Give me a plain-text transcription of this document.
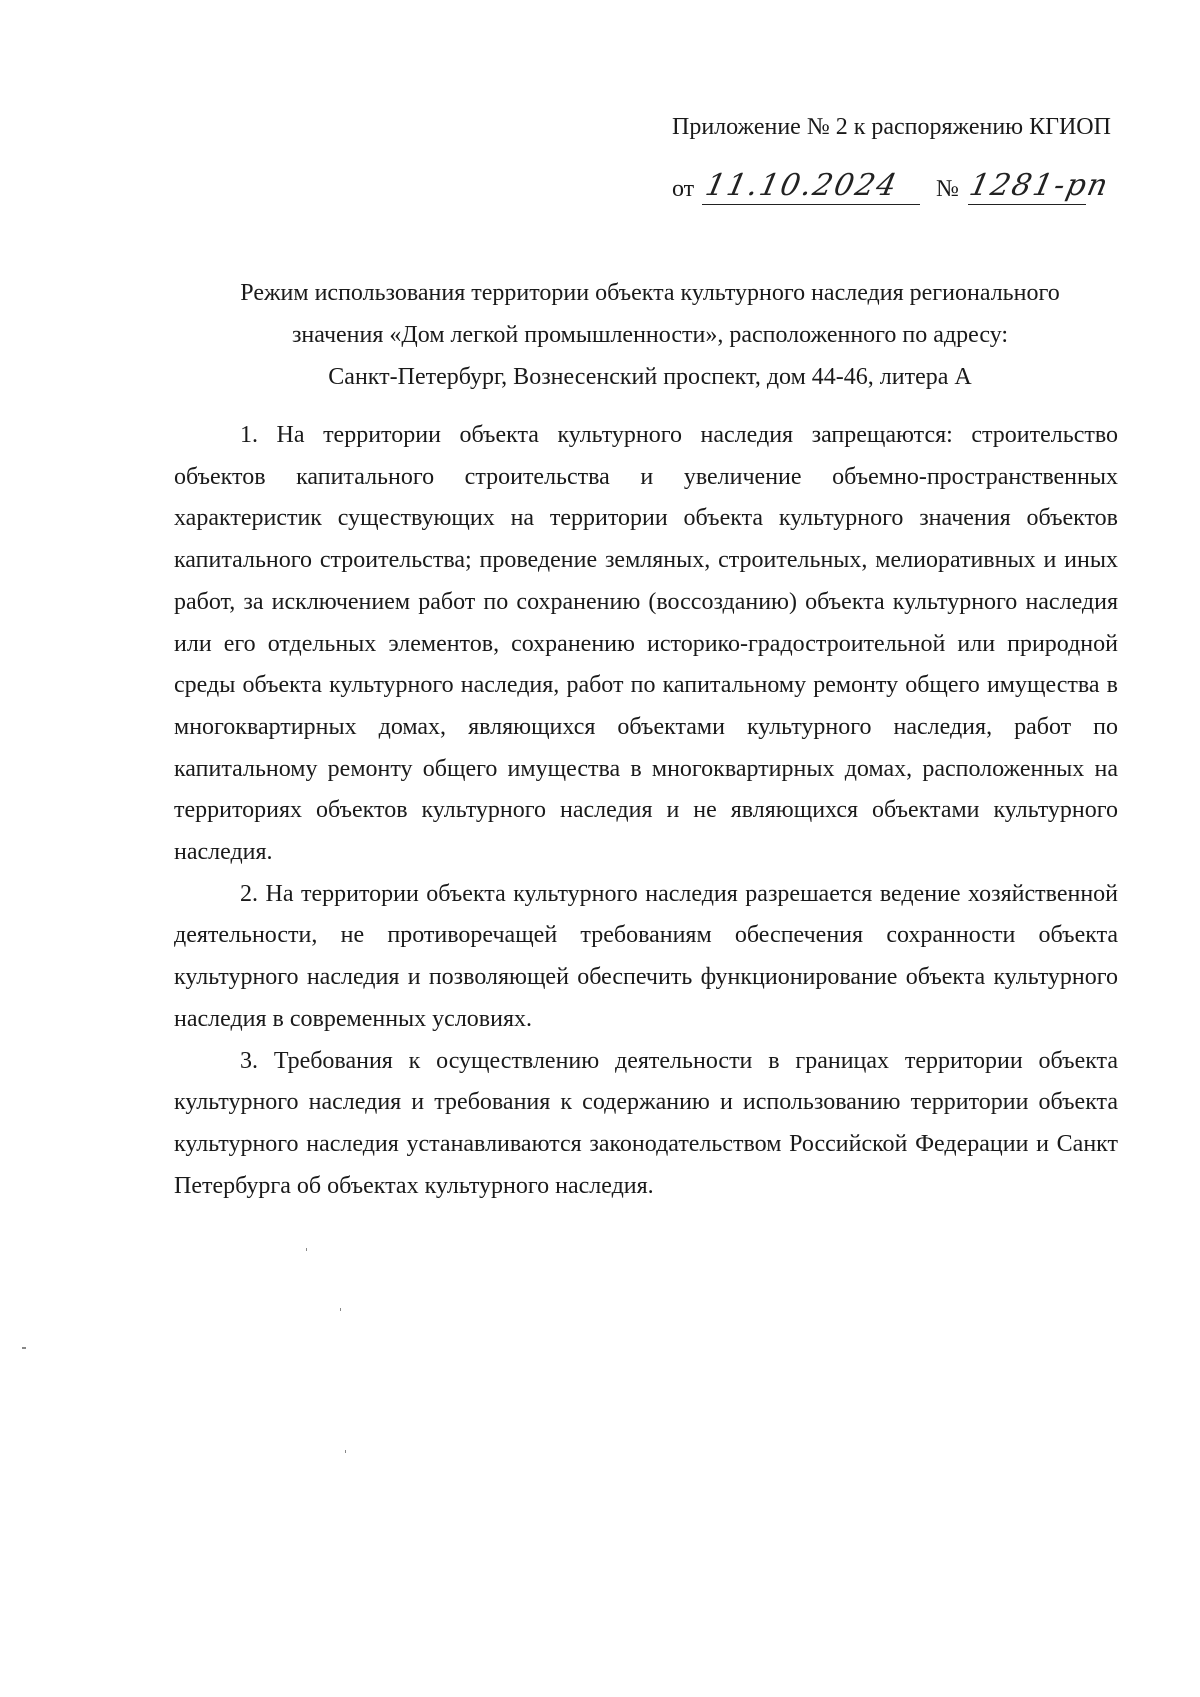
Приложение № 2 к распоряжению КГИОП
от 11.10.2024 № 1281-рп
Режим использования территории объекта культурного наследия регионального
значения «Дом легкой промышленности», расположенного по адресу:
Санкт-Петербург, Вознесенский проспект, дом 44-46, литера А

1. На территории объекта культурного наследия запрещаются: строительство объектов капитального строительства и увеличение объемно-пространственных характеристик существующих на территории объекта культурного значения объектов капитального строительства; проведение земляных, строительных, мелиоративных и иных работ, за исключением работ по сохранению (воссозданию) объекта культурного наследия или его отдельных элементов, сохранению историко-градостроительной или природной среды объекта культурного наследия, работ по капитальному ремонту общего имущества в многоквартирных домах, являющихся объектами культурного наследия, работ по капитальному ремонту общего имущества в многоквартирных домах, расположенных на территориях объектов культурного наследия и не являющихся объектами культурного наследия.

2. На территории объекта культурного наследия разрешается ведение хозяйственной деятельности, не противоречащей требованиям обеспечения сохранности объекта культурного наследия и позволяющей обеспечить функционирование объекта культурного наследия в современных условиях.

3. Требования к осуществлению деятельности в границах территории объекта культурного наследия и требования к содержанию и использованию территории объекта культурного наследия устанавливаются законодательством Российской Федерации и Санкт Петербурга об объектах культурного наследия.
